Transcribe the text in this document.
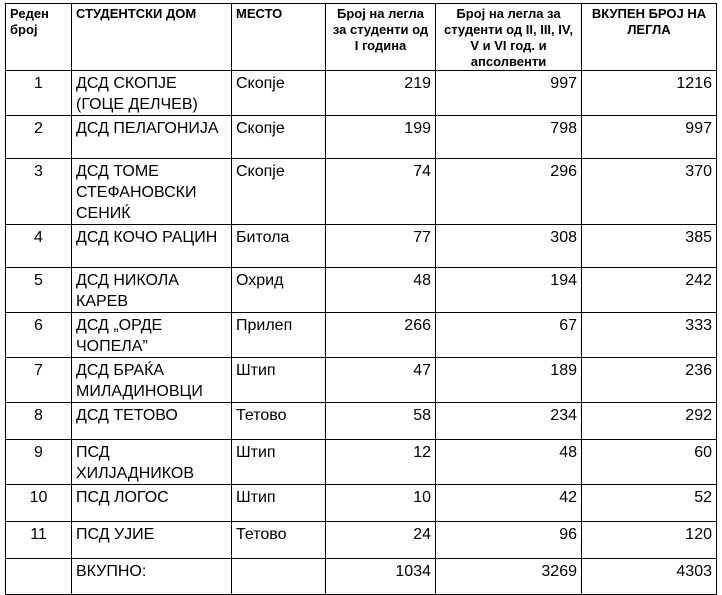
Реден број	СТУДЕНТСКИ ДОМ	МЕСТО	Број на легла за студенти од I година	Број на легла за студенти од II, III, IV, V и VI год. и апсолвенти	ВКУПЕН БРОЈ НА ЛЕГЛА
1	ДСД СКОПЈЕ (ГОЦЕ ДЕЛЧЕВ)	Скопје	219	997	1216
2	ДСД ПЕЛАГОНИЈА	Скопје	199	798	997
3	ДСД ТОМЕ СТЕФАНОВСКИ СЕНИЌ	Скопје	74	296	370
4	ДСД КОЧО РАЦИН	Битола	77	308	385
5	ДСД НИКОЛА КАРЕВ	Охрид	48	194	242
6	ДСД „ОРДЕ ЧОПЕЛА”	Прилеп	266	67	333
7	ДСД БРАЌА МИЛАДИНОВЦИ	Штип	47	189	236
8	ДСД ТЕТОВО	Тетово	58	234	292
9	ПСД ХИЛЈАДНИКОВ	Штип	12	48	60
10	ПСД ЛОГОС	Штип	10	42	52
11	ПСД УЈИЕ	Тетово	24	96	120
	ВКУПНО:		1034	3269	4303
